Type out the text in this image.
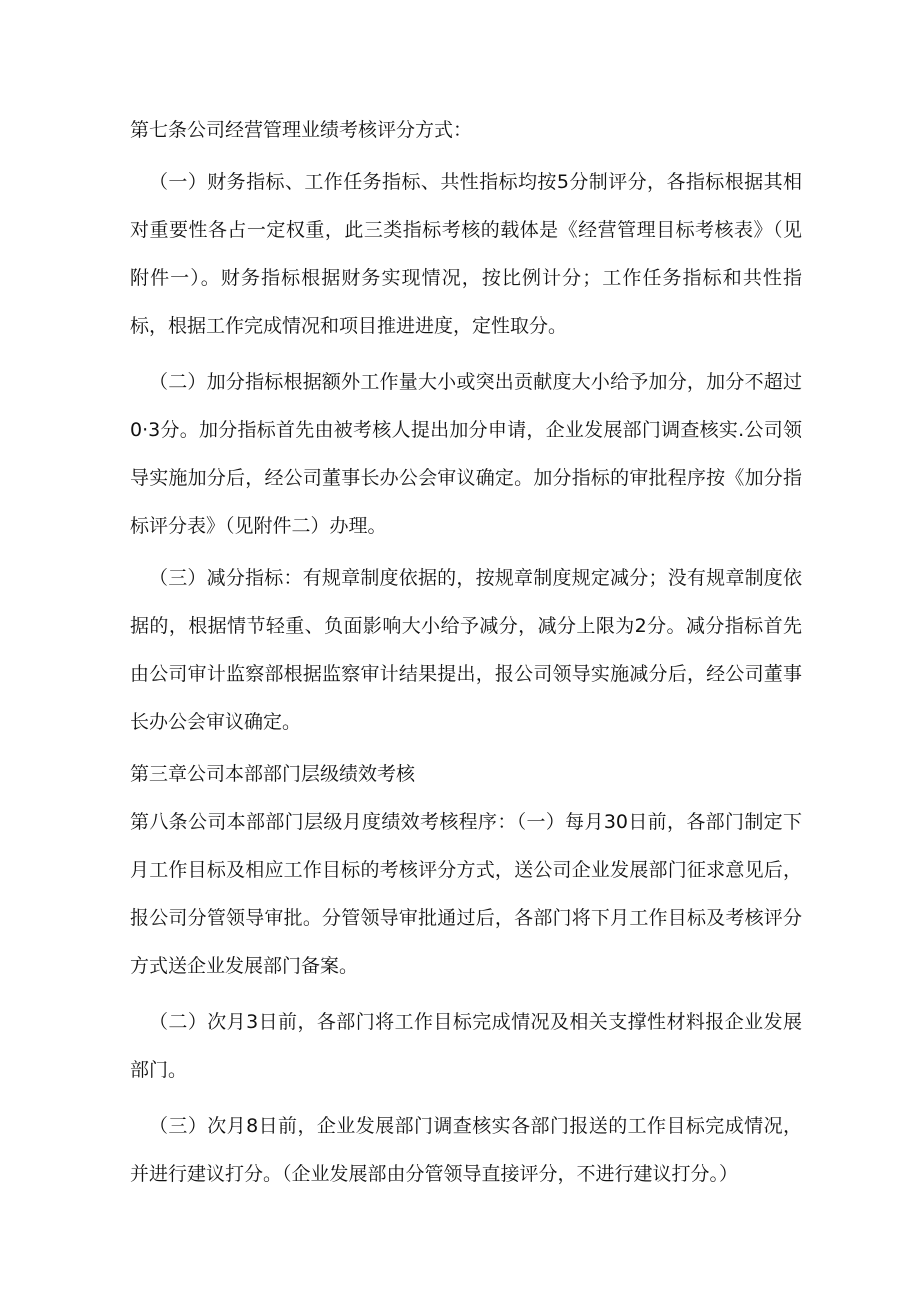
第七条公司经营管理业绩考核评分方式：

（一）财务指标、工作任务指标、共性指标均按5分制评分，各指标根据其相对重要性各占一定权重，此三类指标考核的载体是《经营管理目标考核表》（见附件一）。财务指标根据财务实现情况，按比例计分；工作任务指标和共性指标，根据工作完成情况和项目推进进度，定性取分。

（二）加分指标根据额外工作量大小或突出贡献度大小给予加分，加分不超过0·3分。加分指标首先由被考核人提出加分申请，企业发展部门调查核实.公司领导实施加分后，经公司董事长办公会审议确定。加分指标的审批程序按《加分指标评分表》（见附件二）办理。

（三）减分指标：有规章制度依据的，按规章制度规定减分；没有规章制度依据的，根据情节轻重、负面影响大小给予减分，减分上限为2分。减分指标首先由公司审计监察部根据监察审计结果提出，报公司领导实施减分后，经公司董事长办公会审议确定。

第三章公司本部部门层级绩效考核

第八条公司本部部门层级月度绩效考核程序：（一）每月30日前，各部门制定下月工作目标及相应工作目标的考核评分方式，送公司企业发展部门征求意见后，报公司分管领导审批。分管领导审批通过后，各部门将下月工作目标及考核评分方式送企业发展部门备案。

（二）次月3日前，各部门将工作目标完成情况及相关支撑性材料报企业发展部门。

（三）次月8日前，企业发展部门调查核实各部门报送的工作目标完成情况，并进行建议打分。（企业发展部由分管领导直接评分，不进行建议打分。）
